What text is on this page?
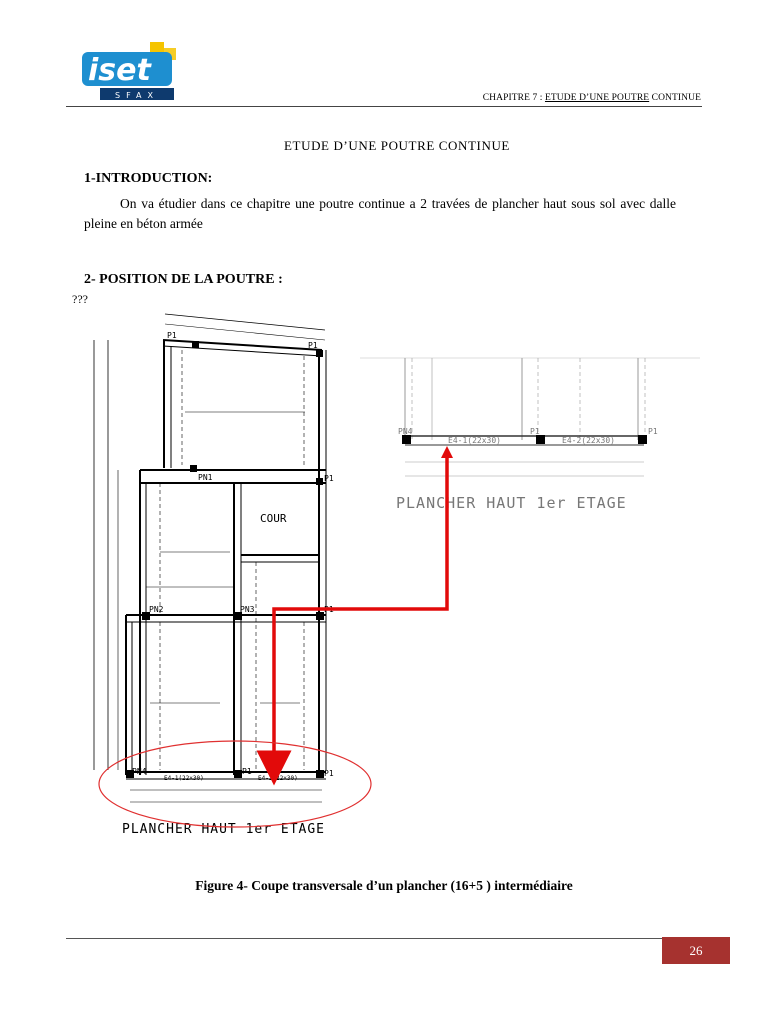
iset
SFAX	CHAPITRE 7 : ETUDE D’UNE POUTRE CONTINUE
ETUDE D’UNE POUTRE CONTINUE
1-INTRODUCTION:
On va étudier dans ce chapitre une poutre continue a 2 travées de plancher haut sous sol avec dalle pleine en béton armée
2- POSITION DE LA POUTRE :
???
P1
P1
PN1	P1
PN2	PN3	P1
PN4	P1	P1
COUR
E4-1(22x30)	E4-2(22x30)
PLANCHER HAUT 1er ETAGE
PN4	P1	P1
E4-1(22x30)	E4-2(22x30)
PLANCHER HAUT 1er ETAGE
Figure 4- Coupe transversale d’un plancher (16+5 ) intermédiaire
26
